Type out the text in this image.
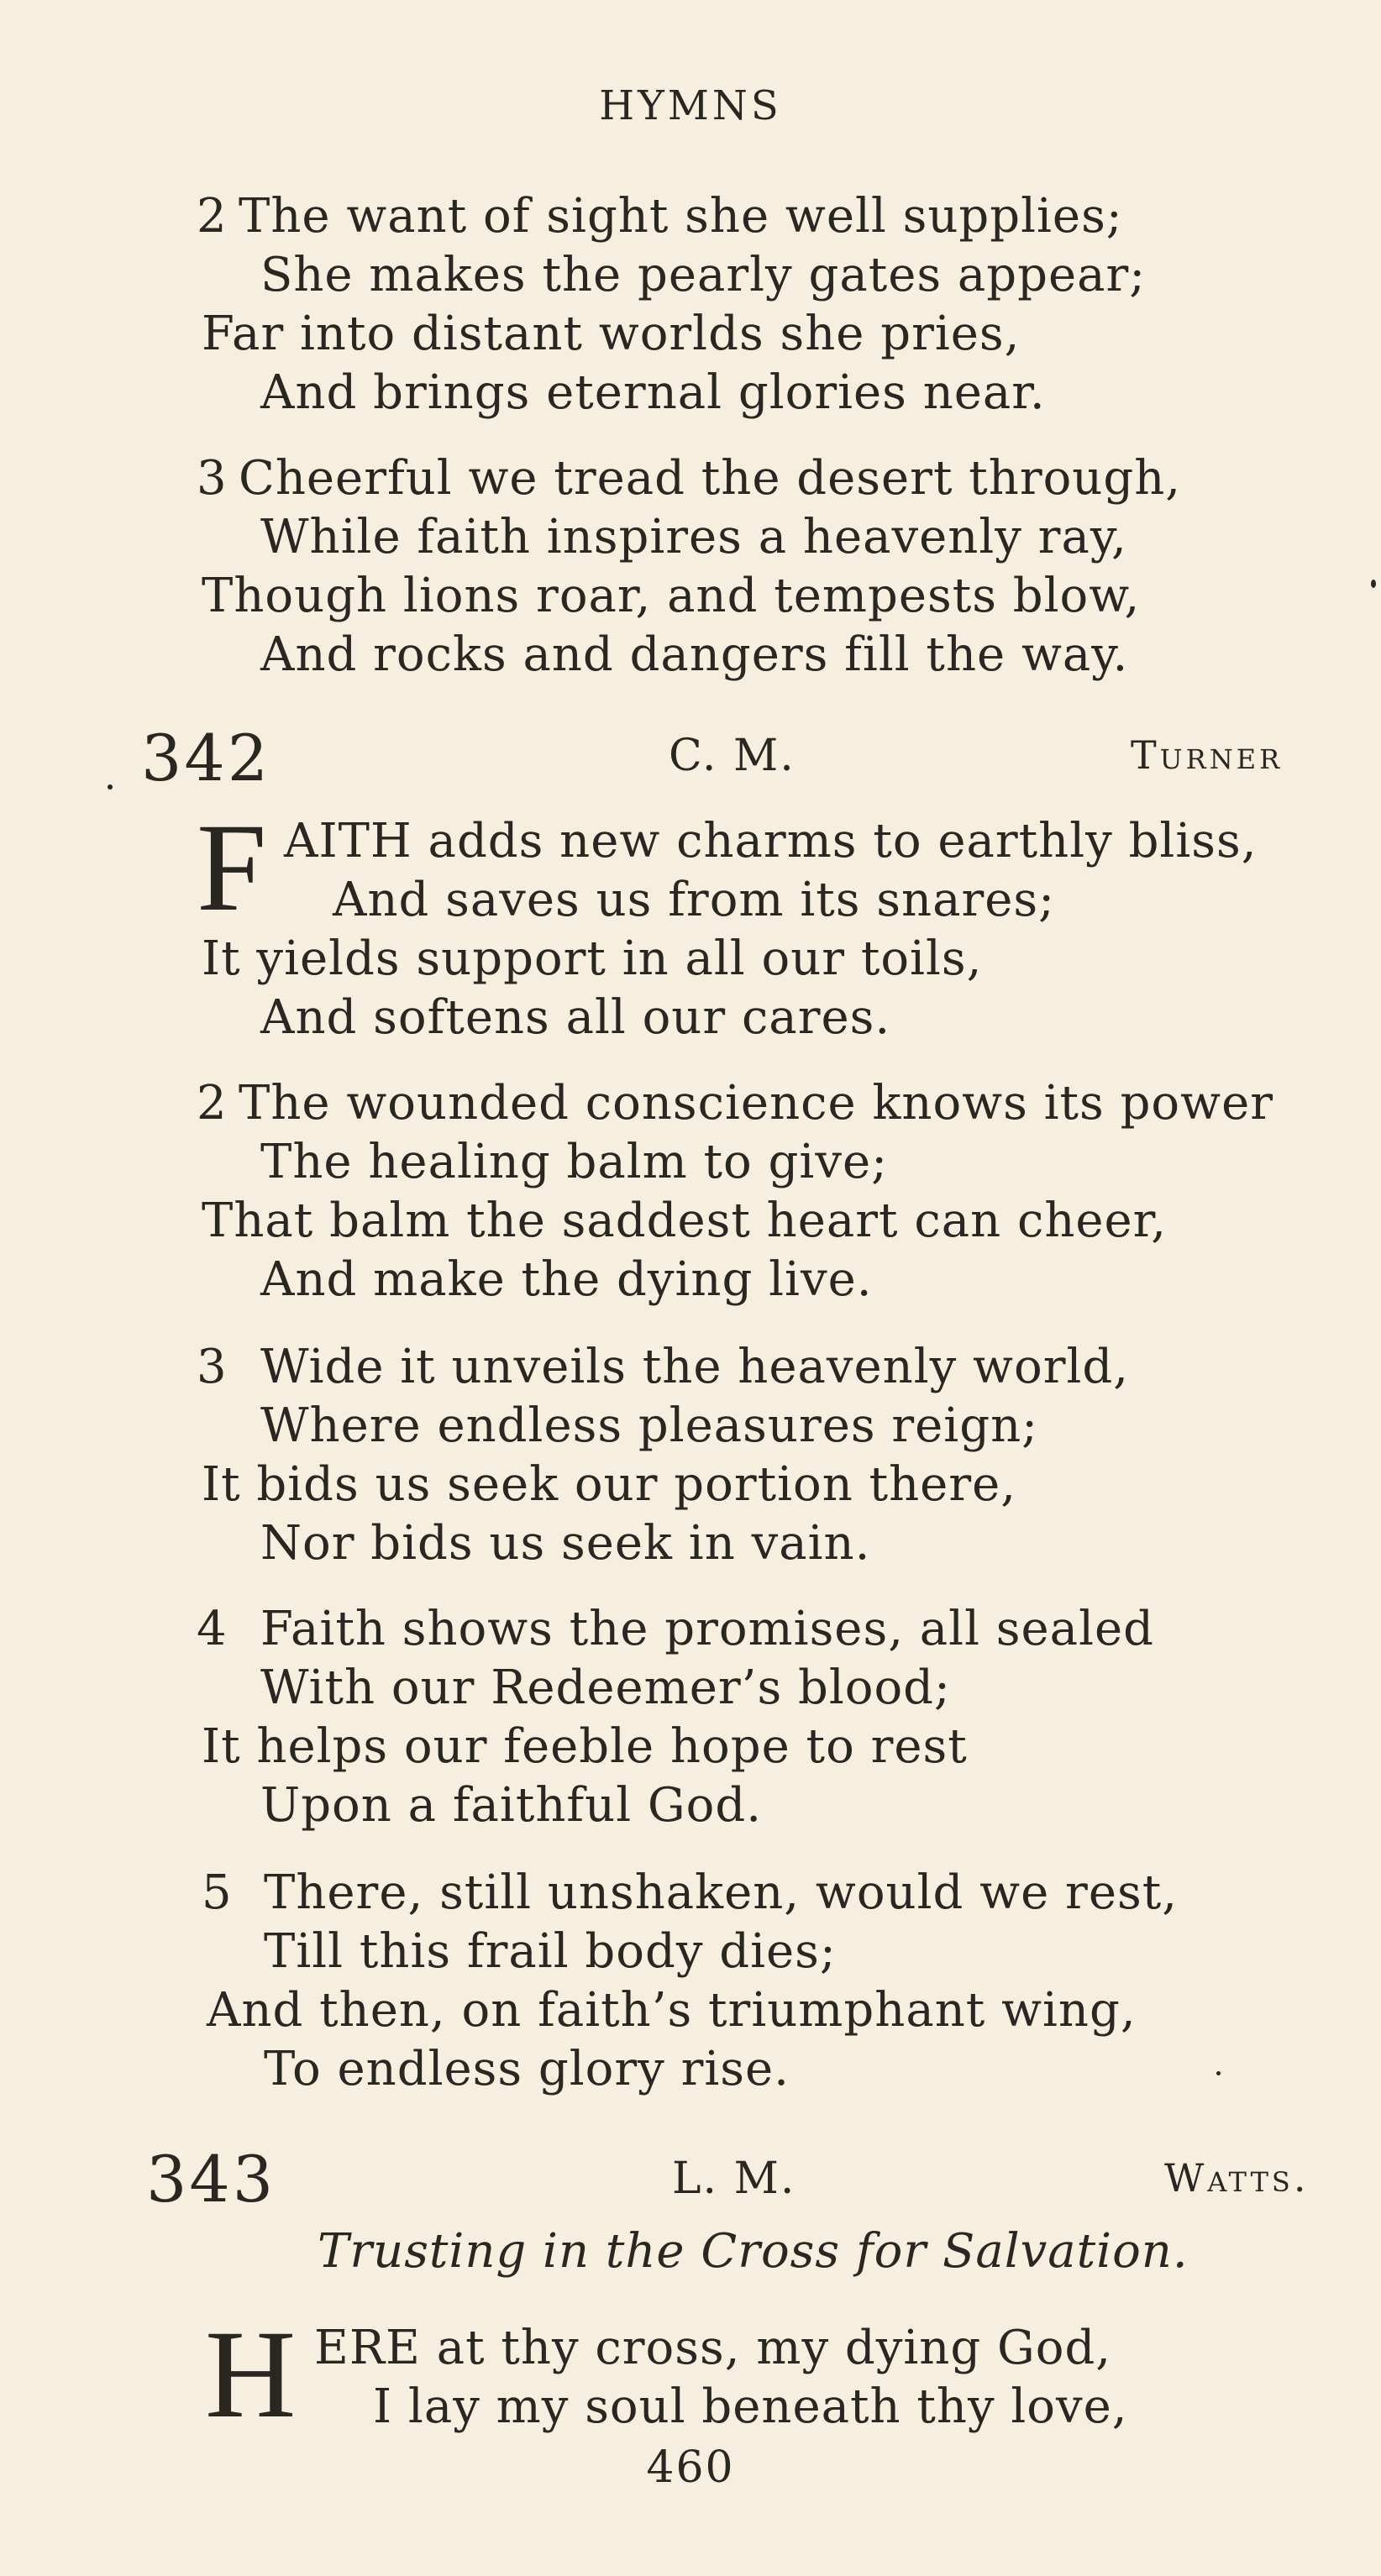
HYMNS
2 The want of sight she well supplies;
She makes the pearly gates appear;
Far into distant worlds she pries,
And brings eternal glories near.
3 Cheerful we tread the desert through,
While faith inspires a heavenly ray,
Though lions roar, and tempests blow,
And rocks and dangers fill the way.
342	C. M.	Turner
F AITH adds new charms to earthly bliss,
And saves us from its snares;
It yields support in all our toils,
And softens all our cares.
2 The wounded conscience knows its power
The healing balm to give;
That balm the saddest heart can cheer,
And make the dying live.
3 Wide it unveils the heavenly world,
Where endless pleasures reign;
It bids us seek our portion there,
Nor bids us seek in vain.
4 Faith shows the promises, all sealed
With our Redeemer’s blood;
It helps our feeble hope to rest
Upon a faithful God.
5 There, still unshaken, would we rest,
Till this frail body dies;
And then, on faith’s triumphant wing,
To endless glory rise.
343	L. M.	Watts.
Trusting in the Cross for Salvation.
H ERE at thy cross, my dying God,
I lay my soul beneath thy love,
460
